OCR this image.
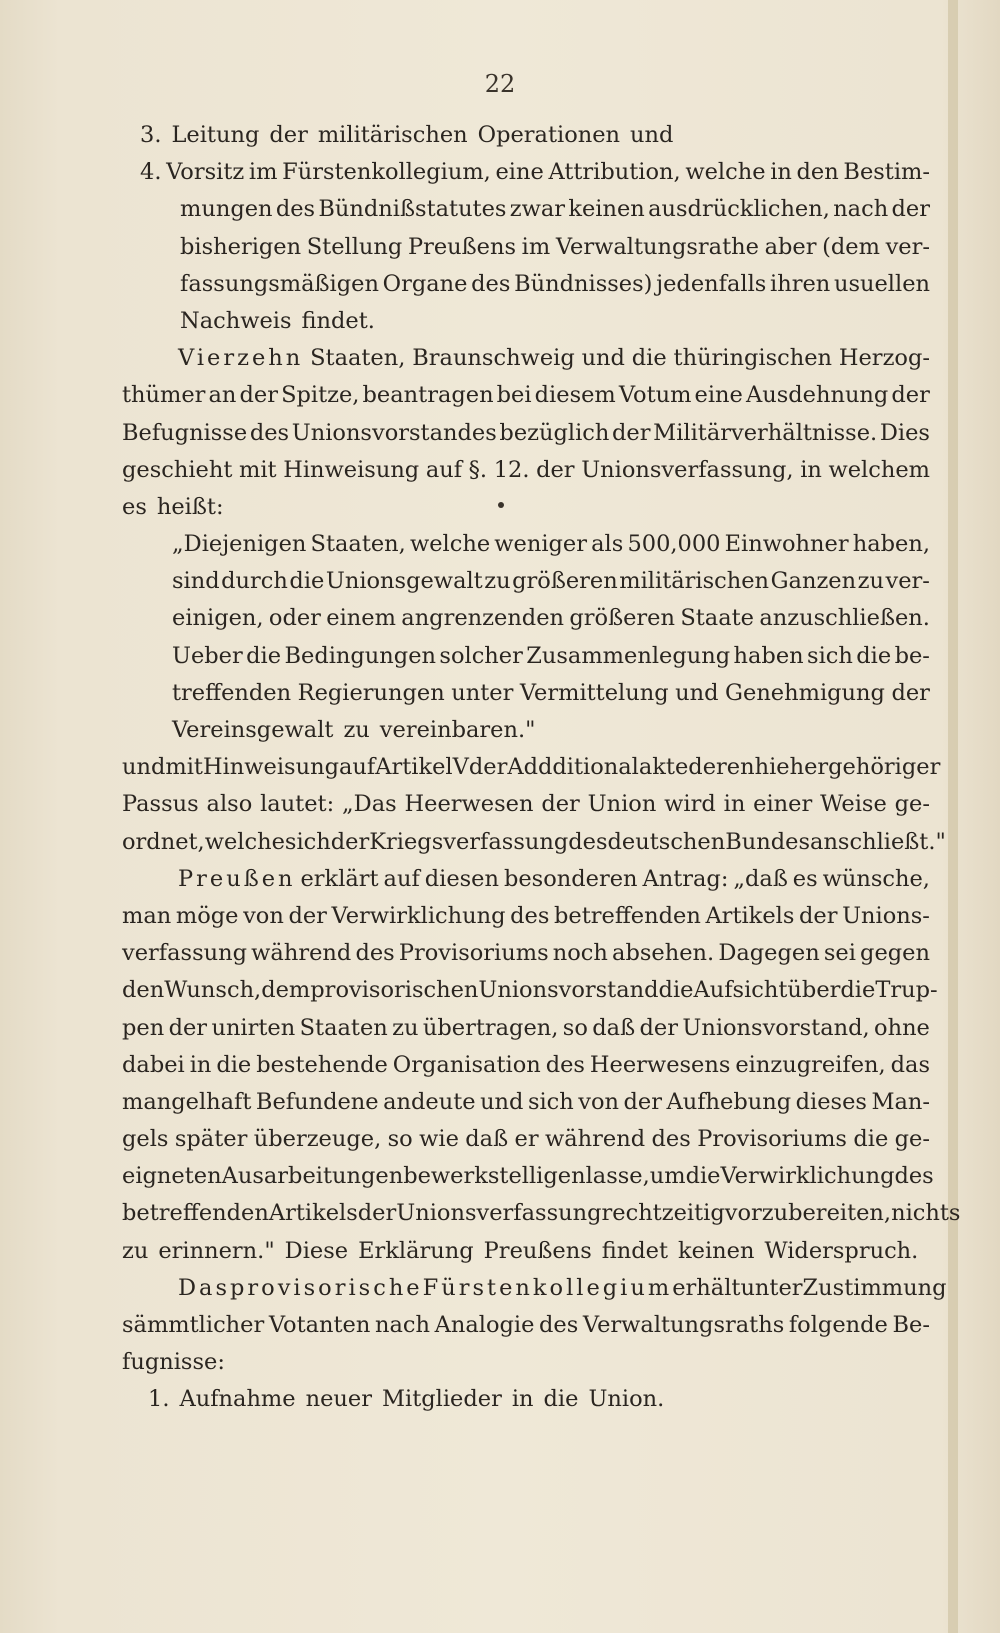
22
3. Leitung der militärischen Operationen und
4. Vorsitz im Fürstenkollegium, eine Attribution, welche in den Bestim-
mungen des Bündnißstatutes zwar keinen ausdrücklichen, nach der
bisherigen Stellung Preußens im Verwaltungsrathe aber (dem ver-
fassungsmäßigen Organe des Bündnisses) jedenfalls ihren usuellen
Nachweis findet.
Vierzehn Staaten, Braunschweig und die thüringischen Herzog-
thümer an der Spitze, beantragen bei diesem Votum eine Ausdehnung der
Befugnisse des Unionsvorstandes bezüglich der Militärverhältnisse. Dies
geschieht mit Hinweisung auf §. 12. der Unionsverfassung, in welchem
es heißt:
„Diejenigen Staaten, welche weniger als 500,000 Einwohner haben,
sind durch die Unionsgewalt zu größeren militärischen Ganzen zu ver-
einigen, oder einem angrenzenden größeren Staate anzuschließen.
Ueber die Bedingungen solcher Zusammenlegung haben sich die be-
treffenden Regierungen unter Vermittelung und Genehmigung der
Vereinsgewalt zu vereinbaren."
und mit Hinweisung auf Artikel V der Addditionalakte deren hieher gehöriger
Passus also lautet: „Das Heerwesen der Union wird in einer Weise ge-
ordnet, welche sich der Kriegsverfassung des deutschen Bundes anschließt."
Preußen erklärt auf diesen besonderen Antrag: „daß es wünsche,
man möge von der Verwirklichung des betreffenden Artikels der Unions-
verfassung während des Provisoriums noch absehen. Dagegen sei gegen
den Wunsch, dem provisorischen Unionsvorstand die Aufsicht über die Trup-
pen der unirten Staaten zu übertragen, so daß der Unionsvorstand, ohne
dabei in die bestehende Organisation des Heerwesens einzugreifen, das
mangelhaft Befundene andeute und sich von der Aufhebung dieses Man-
gels später überzeuge, so wie daß er während des Provisoriums die ge-
eigneten Ausarbeitungen bewerkstelligen lasse, um die Verwirklichung des
betreffenden Artikels der Unionsverfassung rechtzeitig vorzubereiten, nichts
zu erinnern." Diese Erklärung Preußens findet keinen Widerspruch.
Das provisorische Fürstenkollegium erhält unter Zustimmung
sämmtlicher Votanten nach Analogie des Verwaltungsraths folgende Be-
fugnisse:
1. Aufnahme neuer Mitglieder in die Union.
